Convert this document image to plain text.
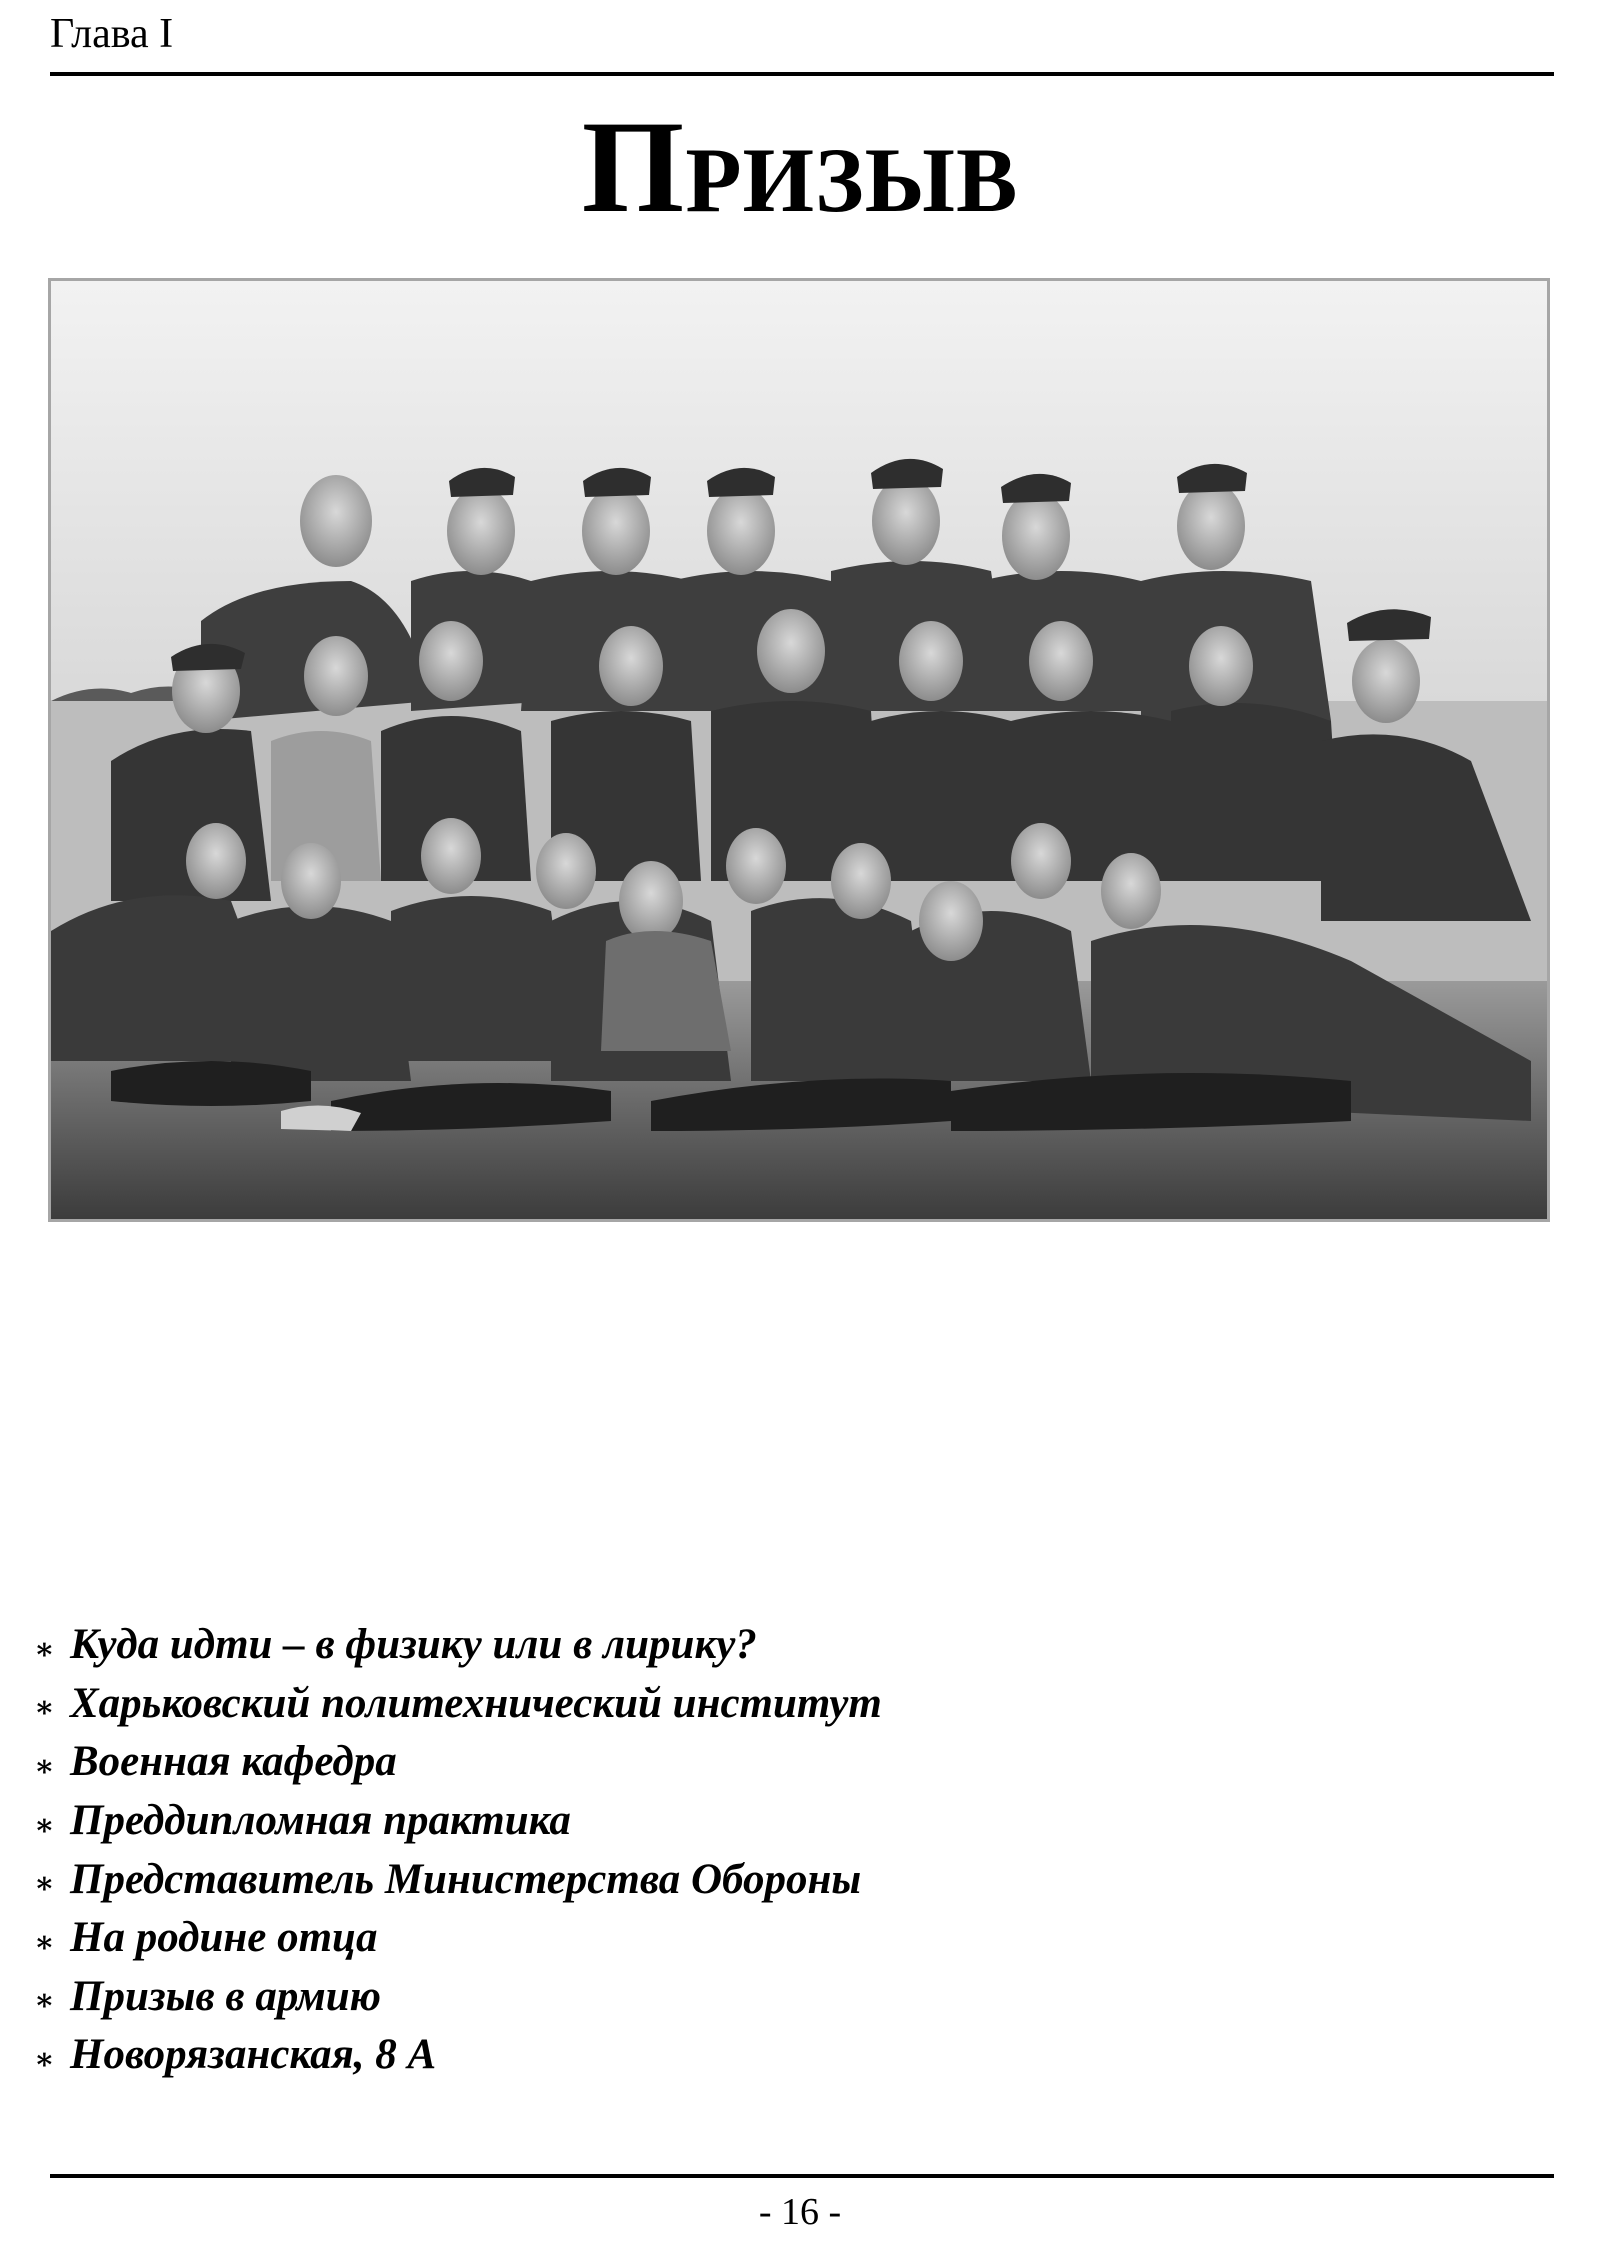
Глава I
Призыв
∗ Куда идти – в физику или в лирику?
∗ Харьковский политехнический институт
∗ Военная кафедра
∗ Преддипломная практика
∗ Представитель Министерства Обороны
∗ На родине отца
∗ Призыв в армию
∗ Новорязанская, 8 А
- 16 -
